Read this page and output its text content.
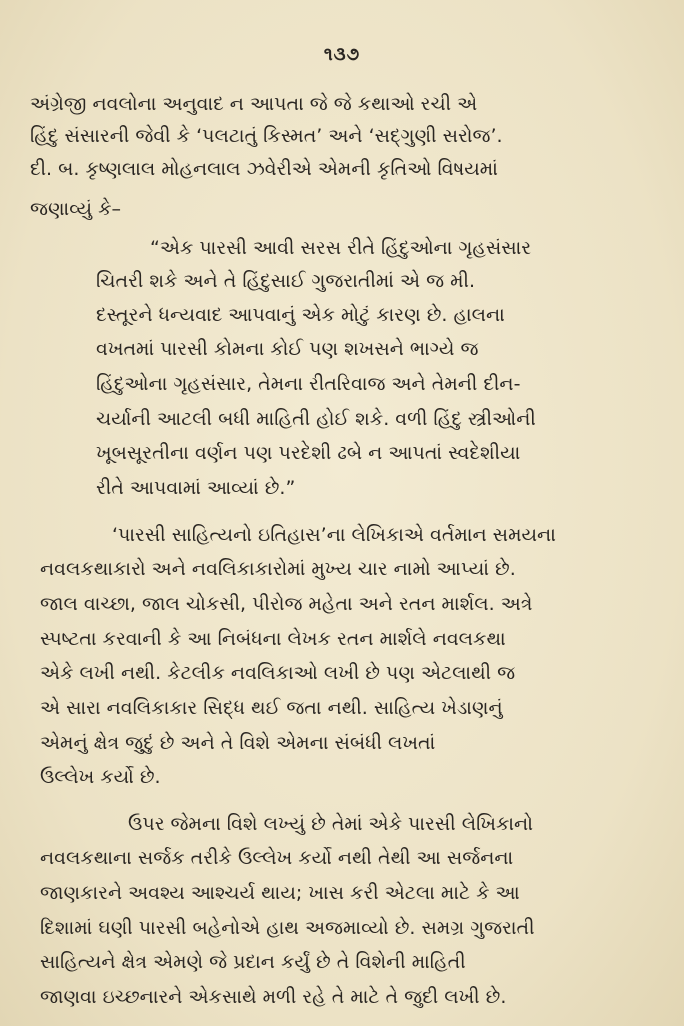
૧૩૭
અંગ્રેજી નવલોના અનુવાદ ન આપતા જે જે કથાઓ રચી એ
હિંદુ સંસારની જેવી કે ‘પલટાતું કિસ્મત’ અને ‘સદ્‌ગુણી સરોજ’.
દી. બ. કૃષ્ણલાલ મોહનલાલ ઝવેરીએ એમની કૃતિઓ વિષયમાં
જણાવ્યું કે–
“એક પારસી આવી સરસ રીતે હિંદુઓના ગૃહસંસાર
ચિતરી શકે અને તે હિંદુસાઈ ગુજરાતીમાં એ જ મી.
દસ્તૂરને ધન્યવાદ આપવાનું એક મોટું કારણ છે. હાલના
વખતમાં પારસી કોમના કોઈ પણ શખસને ભાગ્યે જ
હિંદુઓના ગૃહસંસાર, તેમના રીતરિવાજ અને તેમની દીન-
ચર્યાની આટલી બધી માહિતી હોઈ શકે. વળી હિંદુ સ્ત્રીઓની
ખૂબસૂરતીના વર્ણન પણ પરદેશી ઢબે ન આપતાં સ્વદેશીયા
રીતે આપવામાં આવ્યાં છે.”
‘પારસી સાહિત્યનો ઇતિહાસ’ના લેખિકાએ વર્તમાન સમયના
નવલકથાકારો અને નવલિકાકારોમાં મુખ્ય ચાર નામો આપ્યાં છે.
જાલ વાચ્છા, જાલ ચોકસી, પીરોજ મહેતા અને રતન માર્શલ. અત્રે
સ્પષ્ટતા કરવાની કે આ નિબંધના લેખક રતન માર્શલે નવલકથા
એકે લખી નથી. કેટલીક નવલિકાઓ લખી છે પણ એટલાથી જ
એ સારા નવલિકાકાર સિદ્ધ થઈ જતા નથી. સાહિત્ય ખેડાણનું
એમનું ક્ષેત્ર જુદું છે અને તે વિશે એમના સંબંધી લખતાં
ઉલ્લેખ કર્યો છે.
ઉપર જેમના વિશે લખ્યું છે તેમાં એકે પારસી લેખિકાનો
નવલકથાના સર્જક તરીકે ઉલ્લેખ કર્યો નથી તેથી આ સર્જનના
જાણકારને અવશ્ય આશ્ચર્ય થાય; ખાસ કરી એટલા માટે કે આ
દિશામાં ઘણી પારસી બહેનોએ હાથ અજમાવ્યો છે. સમગ્ર ગુજરાતી
સાહિત્યને ક્ષેત્ર એમણે જે પ્રદાન કર્યું છે તે વિશેની માહિતી
જાણવા ઇચ્છનારને એકસાથે મળી રહે તે માટે તે જુદી લખી છે.
